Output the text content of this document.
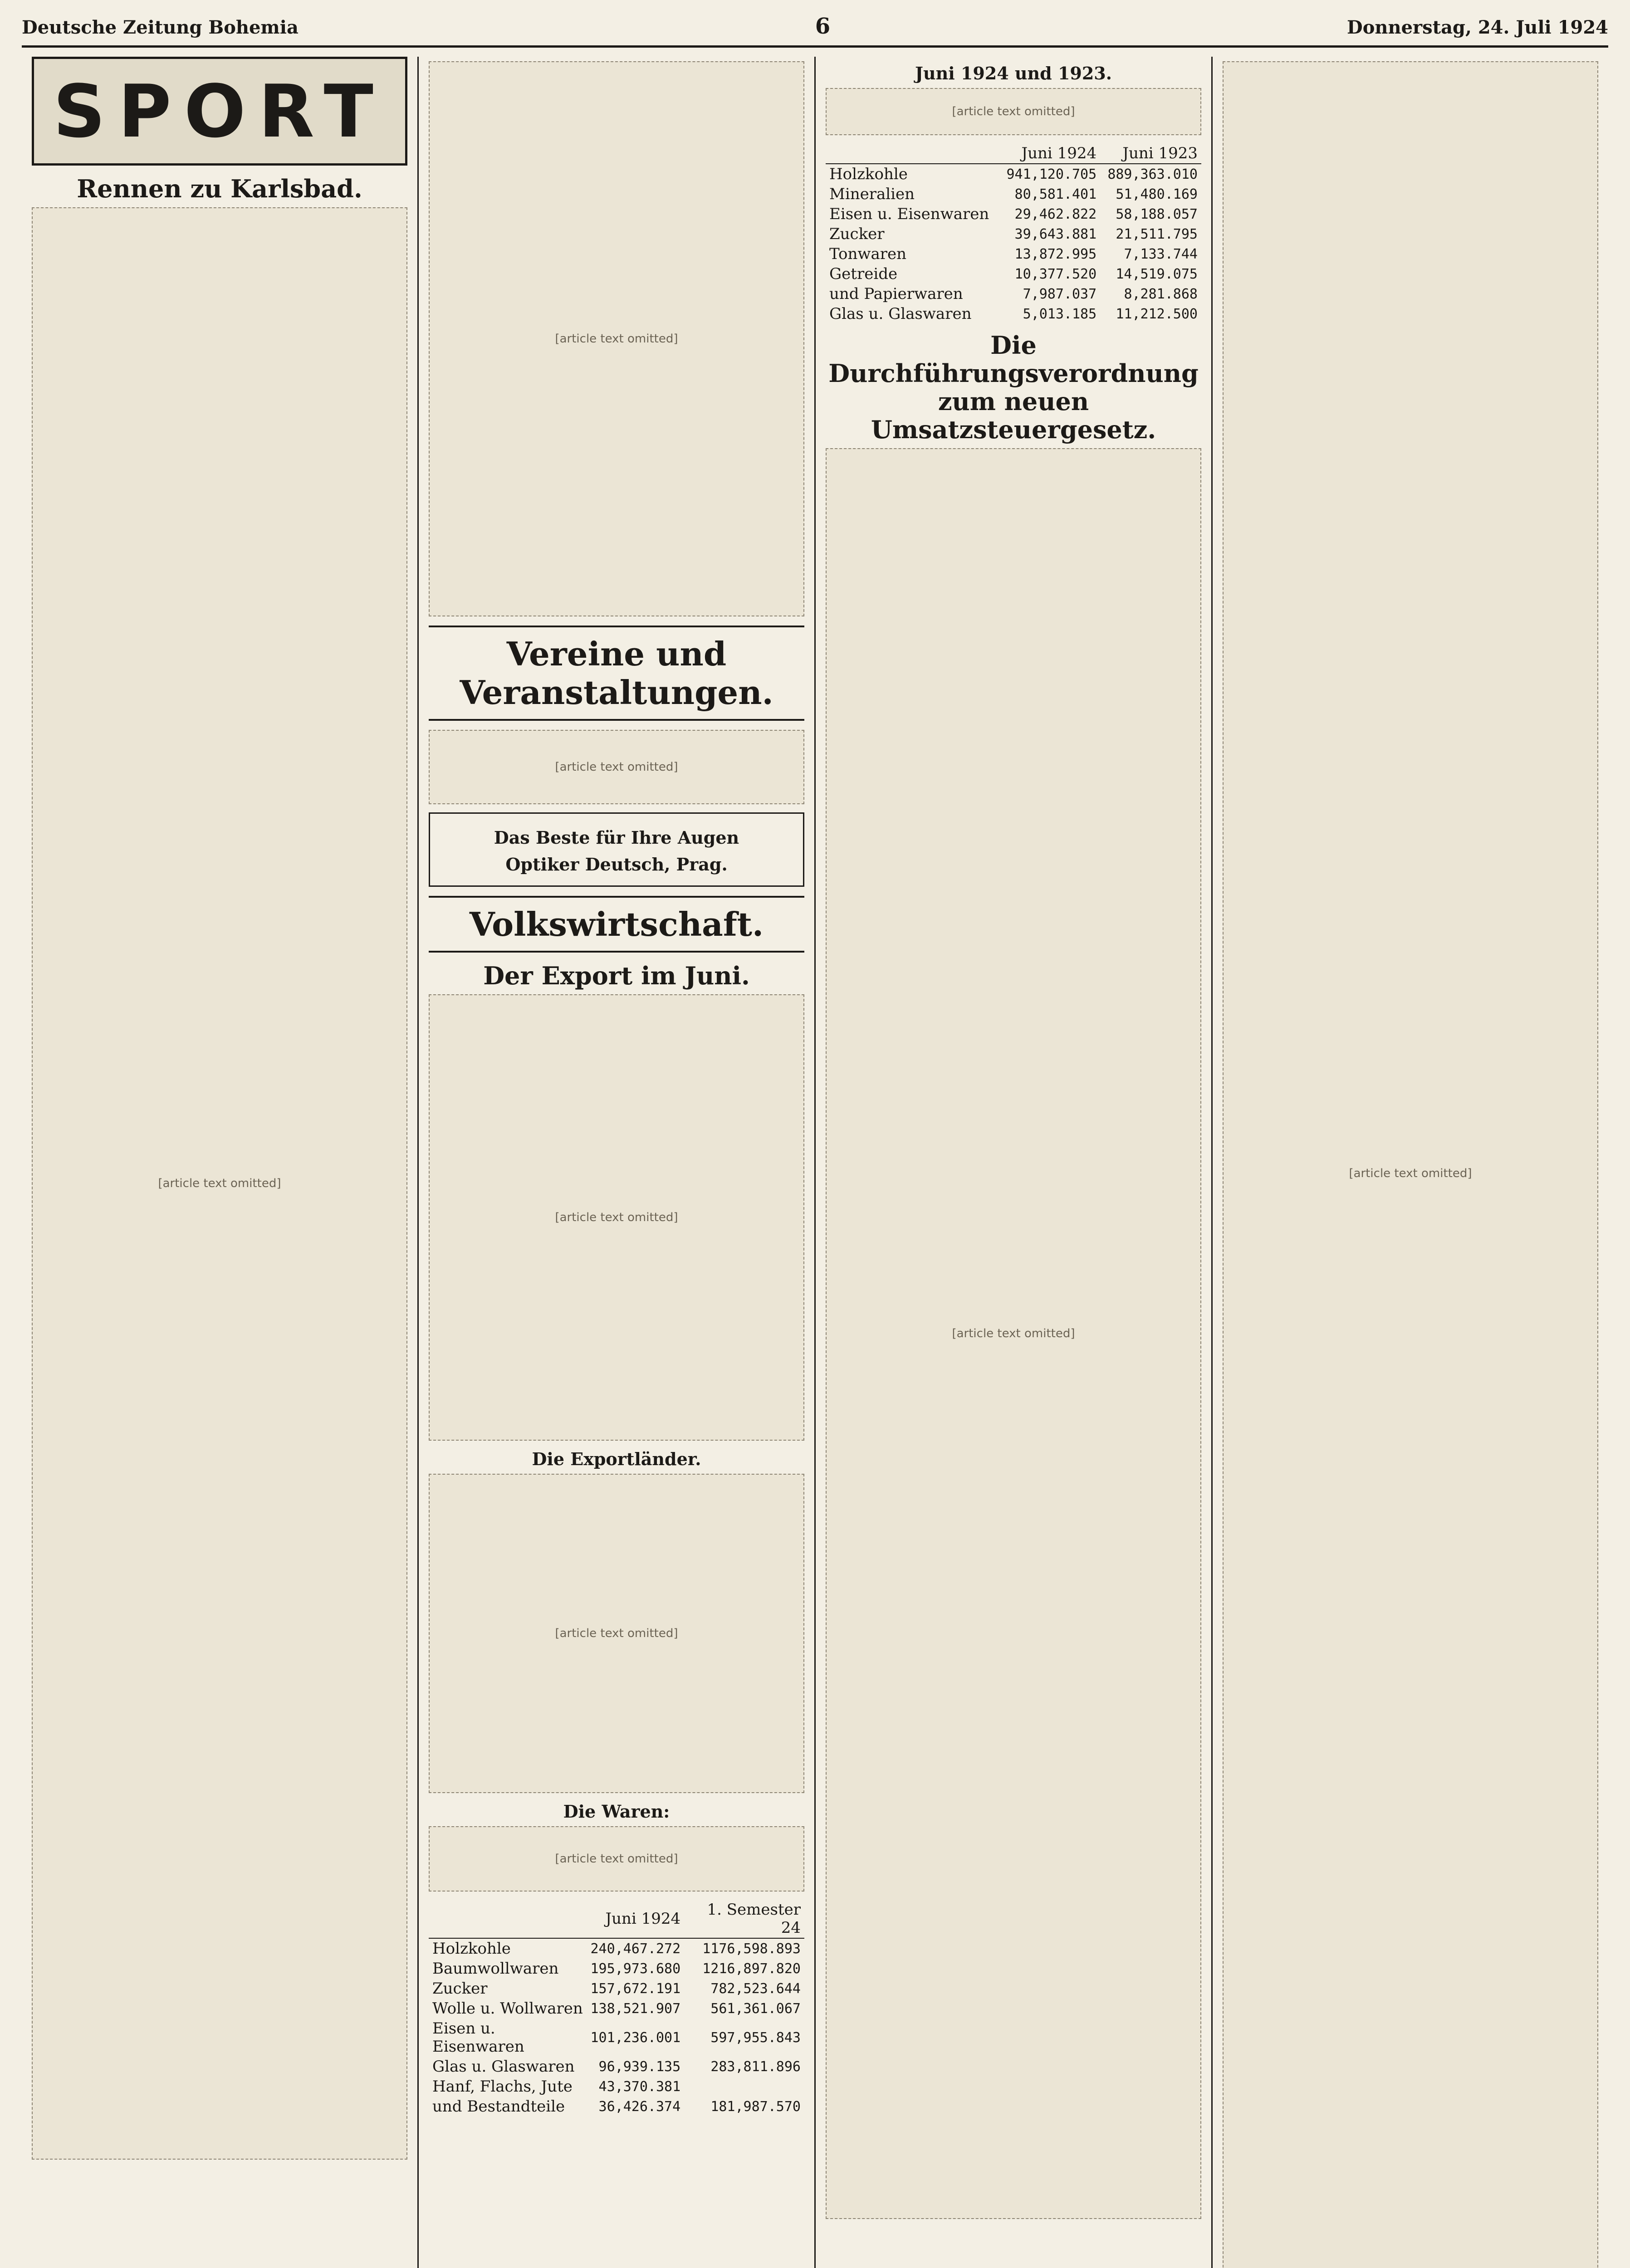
Deutsche Zeitung Bohemia	6	Donnerstag, 24. Juli 1924
SPORT
Rennen zu Karlsbad.
[article text omitted]
[article text omitted]
Vereine und Veranstaltungen.
[article text omitted]
Das Beste für Ihre Augen
Optiker Deutsch, Prag.
Volkswirtschaft.
Der Export im Juni.
[article text omitted]
Die Exportländer.
[article text omitted]
Die Waren:
[article text omitted]
	Juni 1924	1. Semester 24
Holzkohle	240,467.272	1176,598.893
Baumwollwaren	195,973.680	1216,897.820
Zucker	157,672.191	782,523.644
Wolle u. Wollwaren	138,521.907	561,361.067
Eisen u. Eisenwaren	101,236.001	597,955.843
Glas u. Glaswaren	96,939.135	283,811.896
Hanf, Flachs, Jute	43,370.381	
und Bestandteile	36,426.374	181,987.570
Juni 1924 und 1923.
[article text omitted]
	Juni 1924	Juni 1923
Holzkohle	941,120.705	889,363.010
Mineralien	80,581.401	51,480.169
Eisen u. Eisenwaren	29,462.822	58,188.057
Zucker	39,643.881	21,511.795
Tonwaren	13,872.995	7,133.744
Getreide	10,377.520	14,519.075
und Papierwaren	7,987.037	8,281.868
Glas u. Glaswaren	5,013.185	11,212.500
Die Durchführungsverordnung zum neuen Umsatzsteuergesetz.
[article text omitted]
[article text omitted]
